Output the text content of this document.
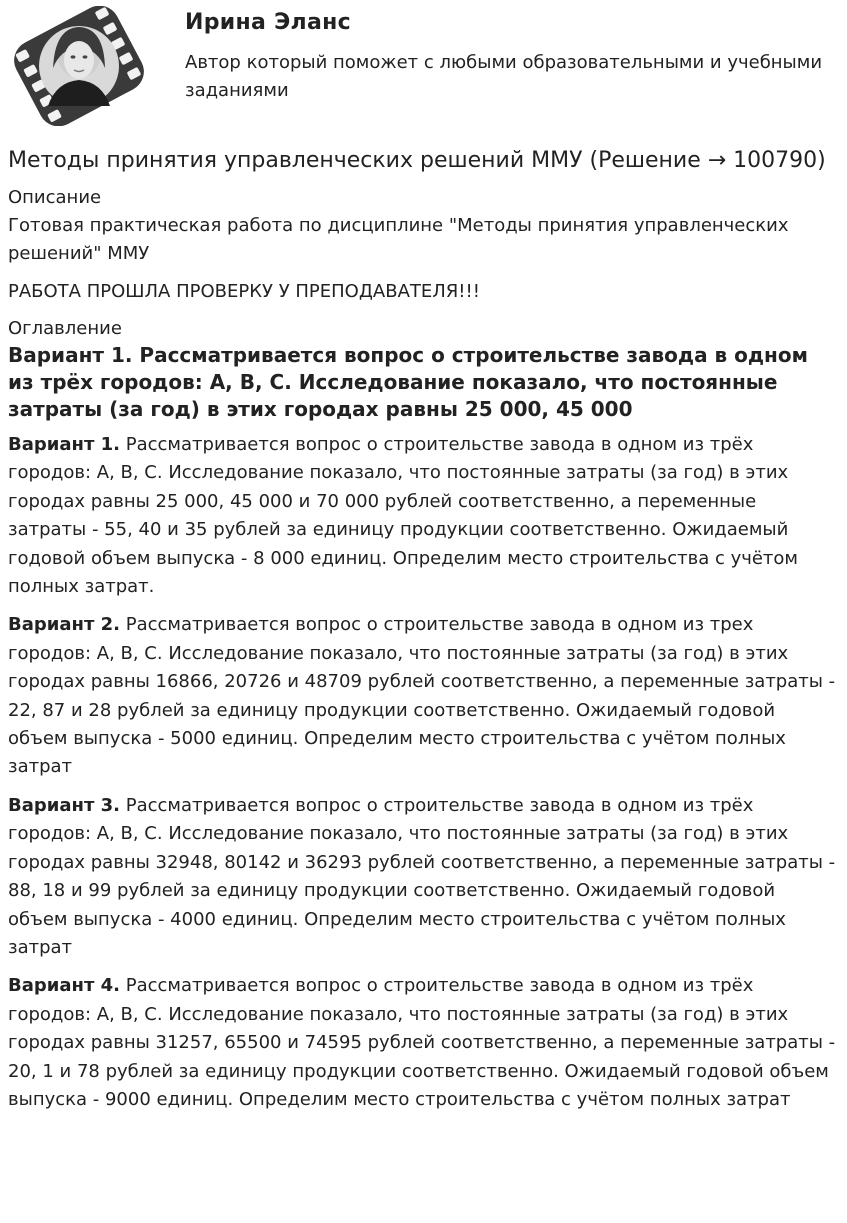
Ирина Эланс
Автор который поможет с любыми образовательными и учебными заданиями
Методы принятия управленческих решений ММУ (Решение → 100790)
Описание
Готовая практическая работа по дисциплине "Методы принятия управленческих решений" ММУ
РАБОТА ПРОШЛА ПРОВЕРКУ У ПРЕПОДАВАТЕЛЯ!!!
Оглавление
Вариант 1. Рассматривается вопрос о строительстве завода в одном из трёх городов: А, В, С. Исследование показало, что постоянные затраты (за год) в этих городах равны 25 000, 45 000

Вариант 1. Рассматривается вопрос о строительстве завода в одном из трёх городов: А, В, С. Исследование показало, что постоянные затраты (за год) в этих городах равны 25 000, 45 000 и 70 000 рублей соответственно, а переменные затраты - 55, 40 и 35 рублей за единицу продукции соответственно. Ожидаемый годовой объем выпуска - 8 000 единиц. Определим место строительства с учётом полных затрат.

Вариант 2. Рассматривается вопрос о строительстве завода в одном из трех городов: А, В, С. Исследование показало, что постоянные затраты (за год) в этих городах равны 16866, 20726 и 48709 рублей соответственно, а переменные затраты - 22, 87 и 28 рублей за единицу продукции соответственно. Ожидаемый годовой объем выпуска - 5000 единиц. Определим место строительства с учётом полных затрат

Вариант 3. Рассматривается вопрос о строительстве завода в одном из трёх городов: А, В, С. Исследование показало, что постоянные затраты (за год) в этих городах равны 32948, 80142 и 36293 рублей соответственно, а переменные затраты - 88, 18 и 99 рублей за единицу продукции соответственно. Ожидаемый годовой объем выпуска - 4000 единиц. Определим место строительства с учётом полных затрат

Вариант 4. Рассматривается вопрос о строительстве завода в одном из трёх городов: А, В, С. Исследование показало, что постоянные затраты (за год) в этих городах равны 31257, 65500 и 74595 рублей соответственно, а переменные затраты - 20, 1 и 78 рублей за единицу продукции соответственно. Ожидаемый годовой объем выпуска - 9000 единиц. Определим место строительства с учётом полных затрат
